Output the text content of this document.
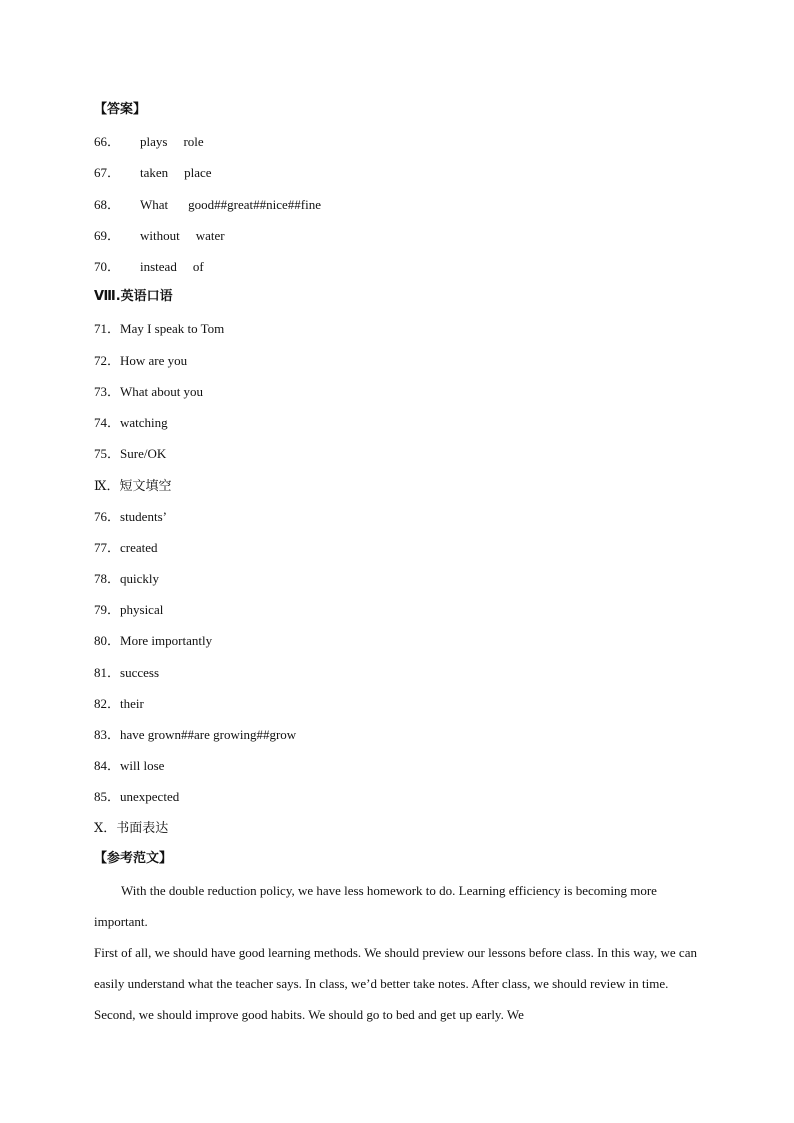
【答案】
66． plays role
67． taken place
68． What good##great##nice##fine
69． without water
70． instead of
Ⅷ.英语口语
71．May I speak to Tom
72．How are you
73．What about you
74．watching
75．Sure/OK
Ⅸ．短文填空
76．students’
77．created
78．quickly
79．physical
80．More importantly
81．success
82．their
83．have grown##are growing##grow
84．will lose
85．unexpected
Ⅹ．书面表达
【参考范文】

With the double reduction policy, we have less homework to do. Learning efficiency is becoming more important.

First of all, we should have good learning methods. We should preview our lessons before class. In this way, we can easily understand what the teacher says. In class, we’d better take notes. After class, we should review in time. Second, we should improve good habits. We should go to bed and get up early. We
